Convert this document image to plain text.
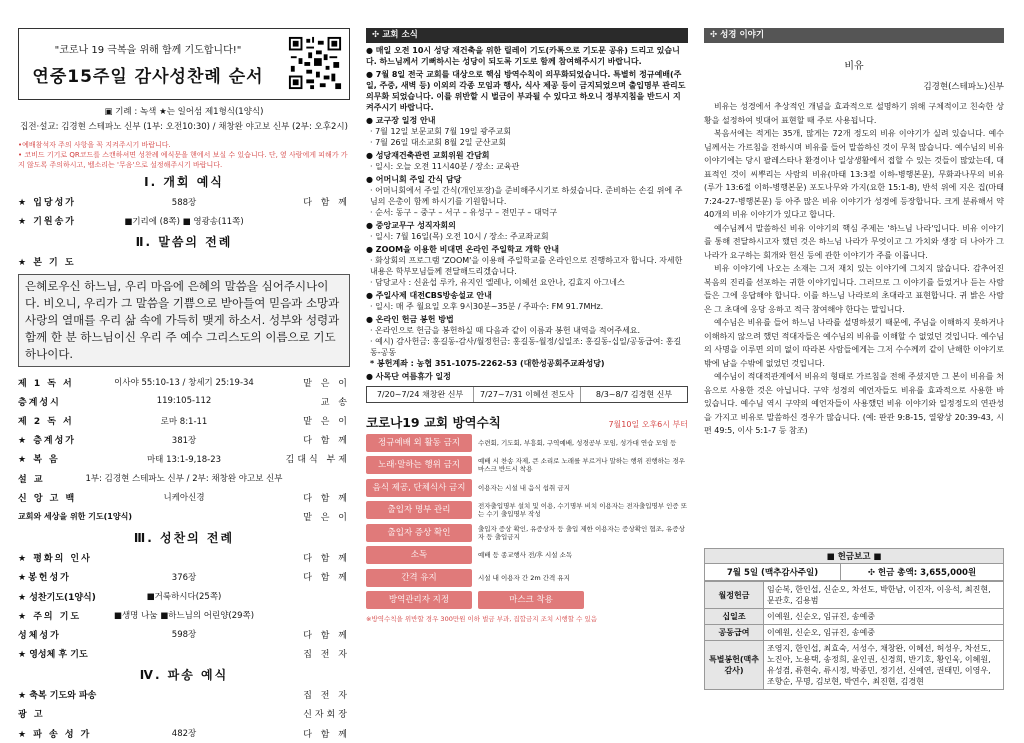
"코로나 19 극복을 위해 함께 기도합니다!"
연중15주일 감사성찬례 순서
▣ 기례 : 녹색 ★는 일어섬 제1형식(1양식)
집전·설교: 김경현 스테파노 신부 (1부: 오전10:30) / 채창완 야고보 신부 (2부: 오후2시)
•예배참석자 주의 사항을 꼭 지켜주시기 바랍니다.
• 코비드 기기로 QR코드를 스캔하셔면 성찬례 예식문을 핸에서 보실 수 있습니다. 단, 옆 사람에게 피해가 가지 않도록 주의하시고, 벨소리는 '무음'으로 설정해주시기 바랍니다.
Ⅰ. 개회 예식
★ 입당성가	588장	다 함 께
★ 기원송가	■기리에 (8쪽) ■ 영광송(11쪽)
Ⅱ. 말씀의 전례
★ 본 기 도
은혜로우신 하느님, 우리 마음에 은혜의 말씀을 심어주시나이다. 비오니, 우리가 그 말씀을 기쁨으로 받아들여 믿음과 소망과 사랑의 열매를 우리 삶 속에 가득히 맺게 하소서. 성부와 성령과 함께 한 분 하느님이신 우리 주 예수 그리스도의 이름으로 기도하나이다.
제 1 독 서	이사야 55:10-13 / 창세기 25:19-34	맡 은 이
층계성시	119:105-112	교 송
제 2 독 서	로마 8:1-11	맡 은 이
★ 층계성가	381장	다 함 께
★ 복 음	마태 13:1-9,18-23	김대식 부제
설 교	1부: 김경현 스테파노 신부 / 2부: 채창완 야고보 신부
신 앙 고 백	니케아신경	다 함 께
교회와 세상을 위한 기도(1양식)	맡 은 이
Ⅲ. 성찬의 전례
★ 평화의 인사	다 함 께
★봉헌성가	376장	다 함 께
★ 성찬기도(1양식)	■거룩하시다(25쪽)
★ 주의 기도	■생명 나눔 ■하느님의 어린양(29쪽)
성체성가	598장	다 함 께
★ 영성체 후 기도	집 전 자
Ⅳ. 파송 예식
★ 축복 기도와 파송	집 전 자
광 고	신자회장
★ 파 송 성 가	482장	다 함 께
✣ 교회 소식
● 매일 오전 10시 성당 재건축을 위한 릴레이 기도(카톡으로 기도문 공유) 드리고 있습니다. 하느님께서 기뻐하시는 성당이 되도록 기도로 함께 참여해주시기 바랍니다.
● 7월 8일 전국 교회를 대상으로 핵심 방역수칙이 의무화되었습니다. 특별히 정규예배(주일, 주중, 새벽 등) 이외의 각종 모임과 행사, 식사 제공 등이 금지되었으며 출입명부 관리도 의무화 되었습니다. 이를 위반할 시 벌금이 부과될 수 있다고 하오니 정부지침을 반드시 지켜주시기 바랍니다.
● 교구장 일정 안내
· 7월 12일 보문교회 7월 19일 광주교회
· 7월 26일 대소교회 8월 2일 군산교회
● 성당재건축관련 교회위원 간담회
· 일시: 오늘 오전 11시40분 / 장소: 교육관
● 어머니회 주일 간식 담당
· 어머니회에서 주일 간식(개인포장)을 준비해주시기로 하셨습니다. 준비하는 손길 위에 주님의 은총이 함께 하시기를 기원합니다.
· 순서: 동구 – 중구 – 서구 – 유성구 – 전민구 – 대덕구
● 중앙교무구 성직자회의
· 일시: 7월 16일(목) 오전 10시 / 장소: 주교좌교회
● ZOOM을 이용한 비대면 온라인 주일학교 개학 안내
· 화상회의 프로그램 'ZOOM'을 이용해 주일학교를 온라인으로 진행하고자 합니다. 자세한 내용은 학부모님들께 전달해드리겠습니다.
· 담당교사 : 신윤섭 루카, 유지인 엘레나, 이혜선 요안나, 김효지 아그네스
● 주일사제 대전CBS방송설교 안내
· 일시: 매 주 월요일 오후 9시30분~35분 / 주파수: FM 91.7MHz.
● 온라인 헌금 봉헌 방법
· 온라인으로 헌금을 봉헌하실 때 다음과 같이 이름과 봉헌 내역을 적어주세요.
· 예시) 감사헌금: 홍길동-감사/월정헌금: 홍길동-월정/십일조: 홍길동-십일/공동급여: 홍길동-공동
* 봉헌계좌 : 농협 351-1075-2262-53 (대한성공회주교좌성당)
● 사목단 여름휴가 일정
7/20~7/24 채창완 신부	7/27~7/31 이혜선 전도사	8/3~8/7 김경현 신부
코로나19 교회 방역수칙	7월10일 오후6시 부터
정규예배 외 활동 금지	수련회, 기도회, 부흥회, 구역예배, 성경공부 모임, 성가대 연습 모임 등
노래·말하는 행위 금지	예배 시 찬송 자제, 큰 소리로 노래를 부르거나 말하는 행위 진행하는 경우 마스크 반드시 착용
음식 제공, 단체식사 금지	이용자는 시설 내 음식 섭취 금지
출입자 명부 관리	전자출입명부 설치 및 이용, 수기명부 비치 이용자는 전자출입명부 인증 또는 수기 출입명부 작성
출입자 증상 확인	출입자 증상 확인, 유증상자 등 출입 제한 이용자는 증상확인 협조, 유증상자 등 출입금지
소독	예배 등 종교행사 전/후 시설 소독
간격 유지	시설 내 이용자 간 2m 간격 유지
방역관리자 지정	마스크 착용
※방역수칙을 위반할 경우 300만원 이하 벌금 부과, 집합금지 조치 시행할 수 있음
✣ 성경 이야기
비유
김경현(스테파노)신부

비유는 성경에서 추상적인 개념을 효과적으로 설명하기 위해 구체적이고 친숙한 상황을 설정하여 빗대어 표현할 때 주로 사용됩니다.

복음서에는 적게는 35개, 많게는 72개 정도의 비유 이야기가 실려 있습니다. 예수님께서는 가르침을 전하시며 비유를 들어 말씀하신 것이 무척 많습니다. 예수님의 비유 이야기에는 당시 팔레스타나 환경이나 일상생활에서 접할 수 있는 것들이 많았는데, 대표적인 것이 씨뿌리는 사람의 비유(마태 13:3절 이하-병행본문), 무화과나무의 비유(루가 13:6절 이하-병행본문) 포도나무와 가지(요한 15:1-8), 반석 위에 지은 집(마태 7:24-27-병행본문) 등 아주 많은 비유 이야기가 성경에 등장합니다. 크게 분류해서 약 40개의 비유 이야기가 있다고 합니다.

예수님께서 말씀하신 비유 이야기의 핵심 주제는 '하느님 나라'입니다. 비유 이야기를 통해 전달하시고자 했던 것은 하느님 나라가 무엇이고 그 가치와 생장 더 나아가 그 나라가 요구하는 회개와 헌신 등에 관한 이야기가 주를 이룹니다.

비유 이야기에 나오는 소재는 그저 재치 있는 이야기에 그치지 않습니다. 감추어진 복음의 진리를 선포하는 귀한 이야기입니다. 그러므로 그 이야기를 들었거나 듣는 사람들은 그에 응답해야 합니다. 이를 하느님 나라로의 초대라고 표현합니다. 귀 밝은 사람은 그 초대에 응당 응하고 적극 참여해야 한다는 말입니다.

예수님은 비유를 들어 하느님 나라를 설명하셨기 때문에, 주님을 이해하지 못하거나 이해하지 않으려 했던 적대자들은 예수님의 비유를 이해할 수 없었던 것입니다. 예수님의 사명을 이루면 의미 없이 따라본 사람들에게는 그저 수수께끼 같이 난해한 이야기로밖에 남을 수밖에 없었던 것입니다.

예수님이 적대적관계에서 비유의 형태로 가르침을 전해 주셨지만 그 본이 비유를 처음으로 사용한 것은 아닙니다. 구약 성경의 예언자들도 비유를 효과적으로 사용한 바 있습니다. 예수님 역시 구약의 예언자들이 사용했던 비유 이야기와 일정정도의 연관성을 가지고 비유로 말씀하신 경우가 많습니다. (예: 판관 9:8-15, 열왕상 20:39-43, 시편 49:5, 이사 5:1-7 등 참조)

■ 헌금보고 ■
7월 5일 (맥추감사주일)	✣ 헌금 총액: 3,655,000원
월정헌금	임순복, 한인섭, 신순오, 차선도, 박한남, 이진자, 이응석, 최진현, 문관호, 김용범
십일조	이예원, 신순오, 임규진, 송예중
공동급여	이예원, 신순오, 임규진, 송예중
특별봉헌(맥추감사)	조영지, 한인섭, 최효숙, 서성수, 채창완, 이혜선, 허성우, 차선도, 노진아, 노용택, 송정희, 윤인권, 신경희, 반기호, 황인욱, 이혜원, 유성겸, 류현숙, 류시정, 박종민, 정기선, 신예연, 권태민, 이영우, 조향순, 무명, 김보현, 박연수, 최진현, 김경현
